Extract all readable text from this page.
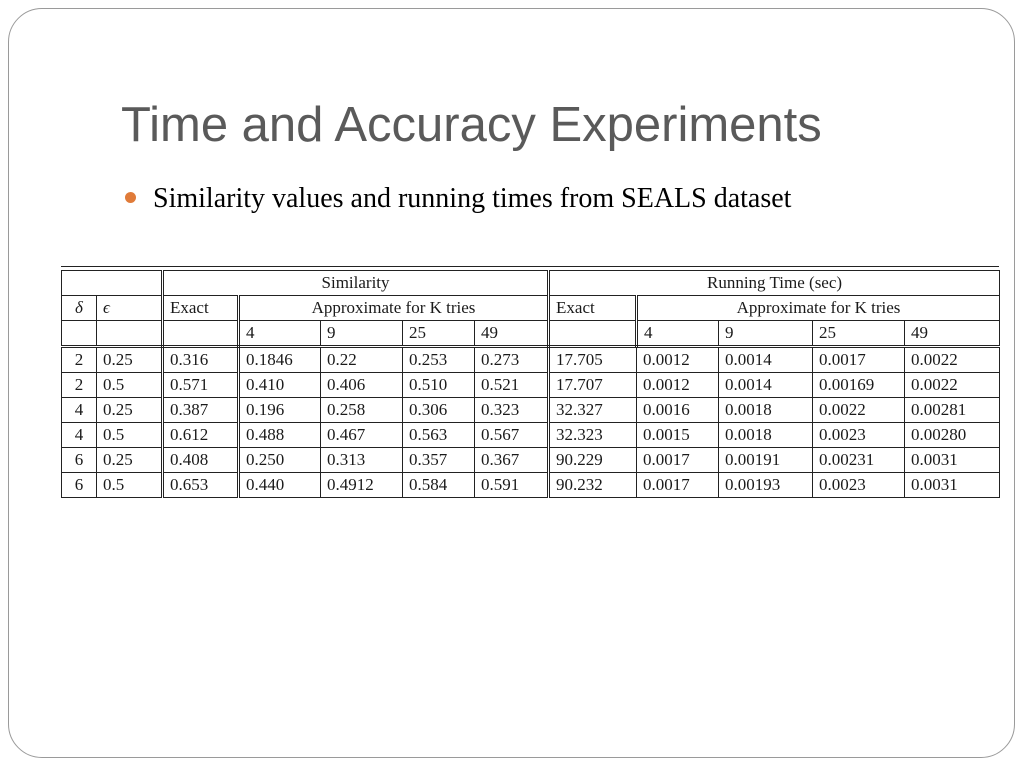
Time and Accuracy Experiments
Similarity values and running times from SEALS dataset
		Similarity					Running Time (sec)				
δ	ϵ	Exact	Approximate for K tries				Exact	Approximate for K tries			
			4	9	25	49		4	9	25	49
2	0.25	0.316	0.1846	0.22	0.253	0.273	17.705	0.0012	0.0014	0.0017	0.0022
2	0.5	0.571	0.410	0.406	0.510	0.521	17.707	0.0012	0.0014	0.00169	0.0022
4	0.25	0.387	0.196	0.258	0.306	0.323	32.327	0.0016	0.0018	0.0022	0.00281
4	0.5	0.612	0.488	0.467	0.563	0.567	32.323	0.0015	0.0018	0.0023	0.00280
6	0.25	0.408	0.250	0.313	0.357	0.367	90.229	0.0017	0.00191	0.00231	0.0031
6	0.5	0.653	0.440	0.4912	0.584	0.591	90.232	0.0017	0.00193	0.0023	0.0031
